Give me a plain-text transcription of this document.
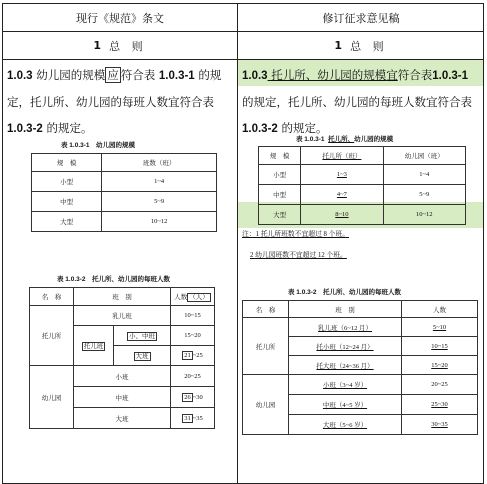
现行《规范》条文
1 总 则
1.0.3 幼儿园的规模 应 符合表 1.0.3-1 的规定，托儿所、幼儿园的每班人数宜符合表 1.0.3-2 的规定。
表 1.0.3-1　幼儿园的规模
规　模	班数（班）
小型	1~4
中型	5~9
大型	10~12
表 1.0.3-2　托儿所、幼儿园的每班人数
名　称	班　别		人数 （人）
托儿所	乳儿班		10~15
	托儿班	小、中班	15~20
		大班	21 ~25
幼儿园	小班		20~25
	中班		26 ~30
	大班		31 ~35
修订征求意见稿
1 总 则
1.0.3 托儿所、幼儿园的规模宜符合表1.0.3-1 的规定，托儿所、幼儿园的每班人数宜符合表 1.0.3-2 的规定。
表 1.0.3-1 托儿所、幼儿园的规模
规　模	托儿所（班）	幼儿园（班）
小型	1~3	1~4
中型	4~7	5~9
大型	8~10	10~12
注：1 托儿所班数不宜超过 8 个班。
2 幼儿园班数不宜超过 12 个班。
表 1.0.3-2　托儿所、幼儿园的每班人数
名　称	班　别	人数
托儿所	乳儿班（6~12 月）	5~10
	托小班（12~24 月）	10~15
	托大班（24~36 月）	15~20
幼儿园	小班（3~4 岁）	20~25
	中班（4~5 岁）	25~30
	大班（5~6 岁）	30~35
